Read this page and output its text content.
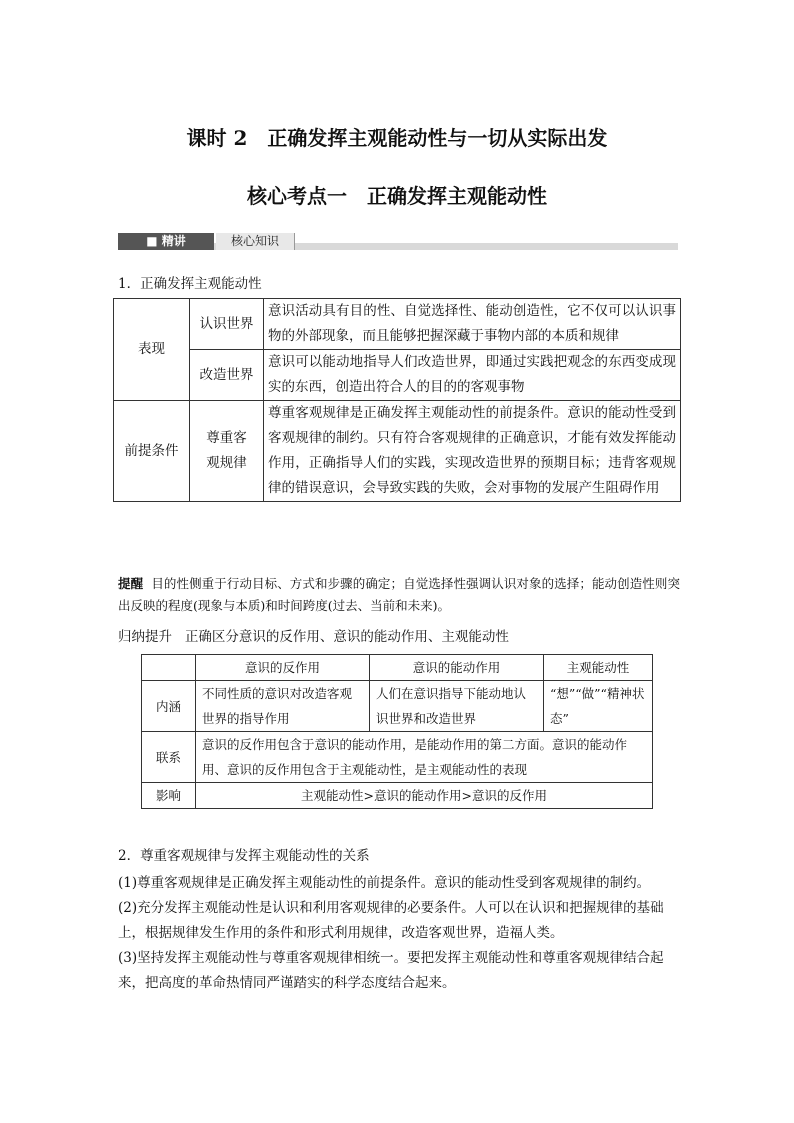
课时 2　正确发挥主观能动性与一切从实际出发
核心考点一　正确发挥主观能动性
■ 精讲	核心知识
1．正确发挥主观能动性
表现	认识世界	意识活动具有目的性、自觉选择性、能动创造性，它不仅可以认识事物的外部现象，而且能够把握深藏于事物内部的本质和规律
	改造世界	意识可以能动地指导人们改造世界，即通过实践把观念的东西变成现实的东西，创造出符合人的目的的客观事物
前提条件	尊重客观规律	尊重客观规律是正确发挥主观能动性的前提条件。意识的能动性受到客观规律的制约。只有符合客观规律的正确意识，才能有效发挥能动作用，正确指导人们的实践，实现改造世界的预期目标；违背客观规律的错误意识，会导致实践的失败，会对事物的发展产生阻碍作用
提醒 目的性侧重于行动目标、方式和步骤的确定；自觉选择性强调认识对象的选择；能动创造性则突出反映的程度(现象与本质)和时间跨度(过去、当前和未来)。
归纳提升 正确区分意识的反作用、意识的能动作用、主观能动性
	意识的反作用	意识的能动作用	主观能动性
内涵	不同性质的意识对改造客观世界的指导作用	人们在意识指导下能动地认识世界和改造世界	“想”“做”“精神状态”
联系	意识的反作用包含于意识的能动作用，是能动作用的第二方面。意识的能动作用、意识的反作用包含于主观能动性，是主观能动性的表现		
影响	主观能动性>意识的能动作用>意识的反作用		
2．尊重客观规律与发挥主观能动性的关系
(1)尊重客观规律是正确发挥主观能动性的前提条件。意识的能动性受到客观规律的制约。
(2)充分发挥主观能动性是认识和利用客观规律的必要条件。人可以在认识和把握规律的基础上，根据规律发生作用的条件和形式利用规律，改造客观世界，造福人类。
(3)坚持发挥主观能动性与尊重客观规律相统一。要把发挥主观能动性和尊重客观规律结合起来，把高度的革命热情同严谨踏实的科学态度结合起来。
